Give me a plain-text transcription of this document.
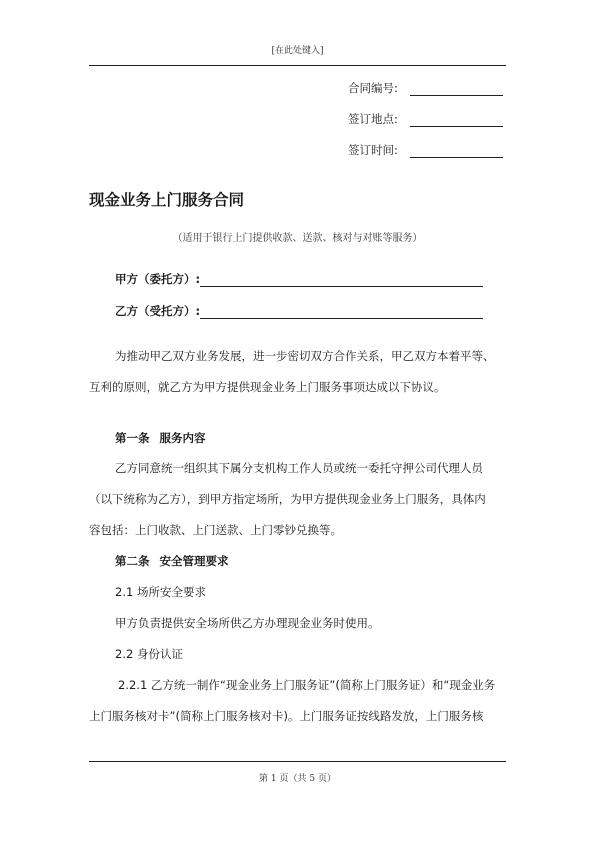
[在此处键入]
合同编号:
签订地点:
签订时间:
现金业务上门服务合同
（适用于银行上门提供收款、送款、核对与对账等服务）
甲方（委托方）:
乙方（受托方）:
为推动甲乙双方业务发展，进一步密切双方合作关系，甲乙双方本着平等、
互利的原则，就乙方为甲方提供现金业务上门服务事项达成以下协议。
第一条 服务内容
乙方同意统一组织其下属分支机构工作人员或统一委托守押公司代理人员
（以下统称为乙方），到甲方指定场所，为甲方提供现金业务上门服务，具体内
容包括：上门收款、上门送款、上门零钞兑换等。
第二条 安全管理要求
2.1 场所安全要求
甲方负责提供安全场所供乙方办理现金业务时使用。
2.2 身份认证
2.2.1 乙方统一制作“现金业务上门服务证”(简称上门服务证）和“现金业务
上门服务核对卡”(简称上门服务核对卡)。上门服务证按线路发放，上门服务核
第 1 页（共 5 页）
